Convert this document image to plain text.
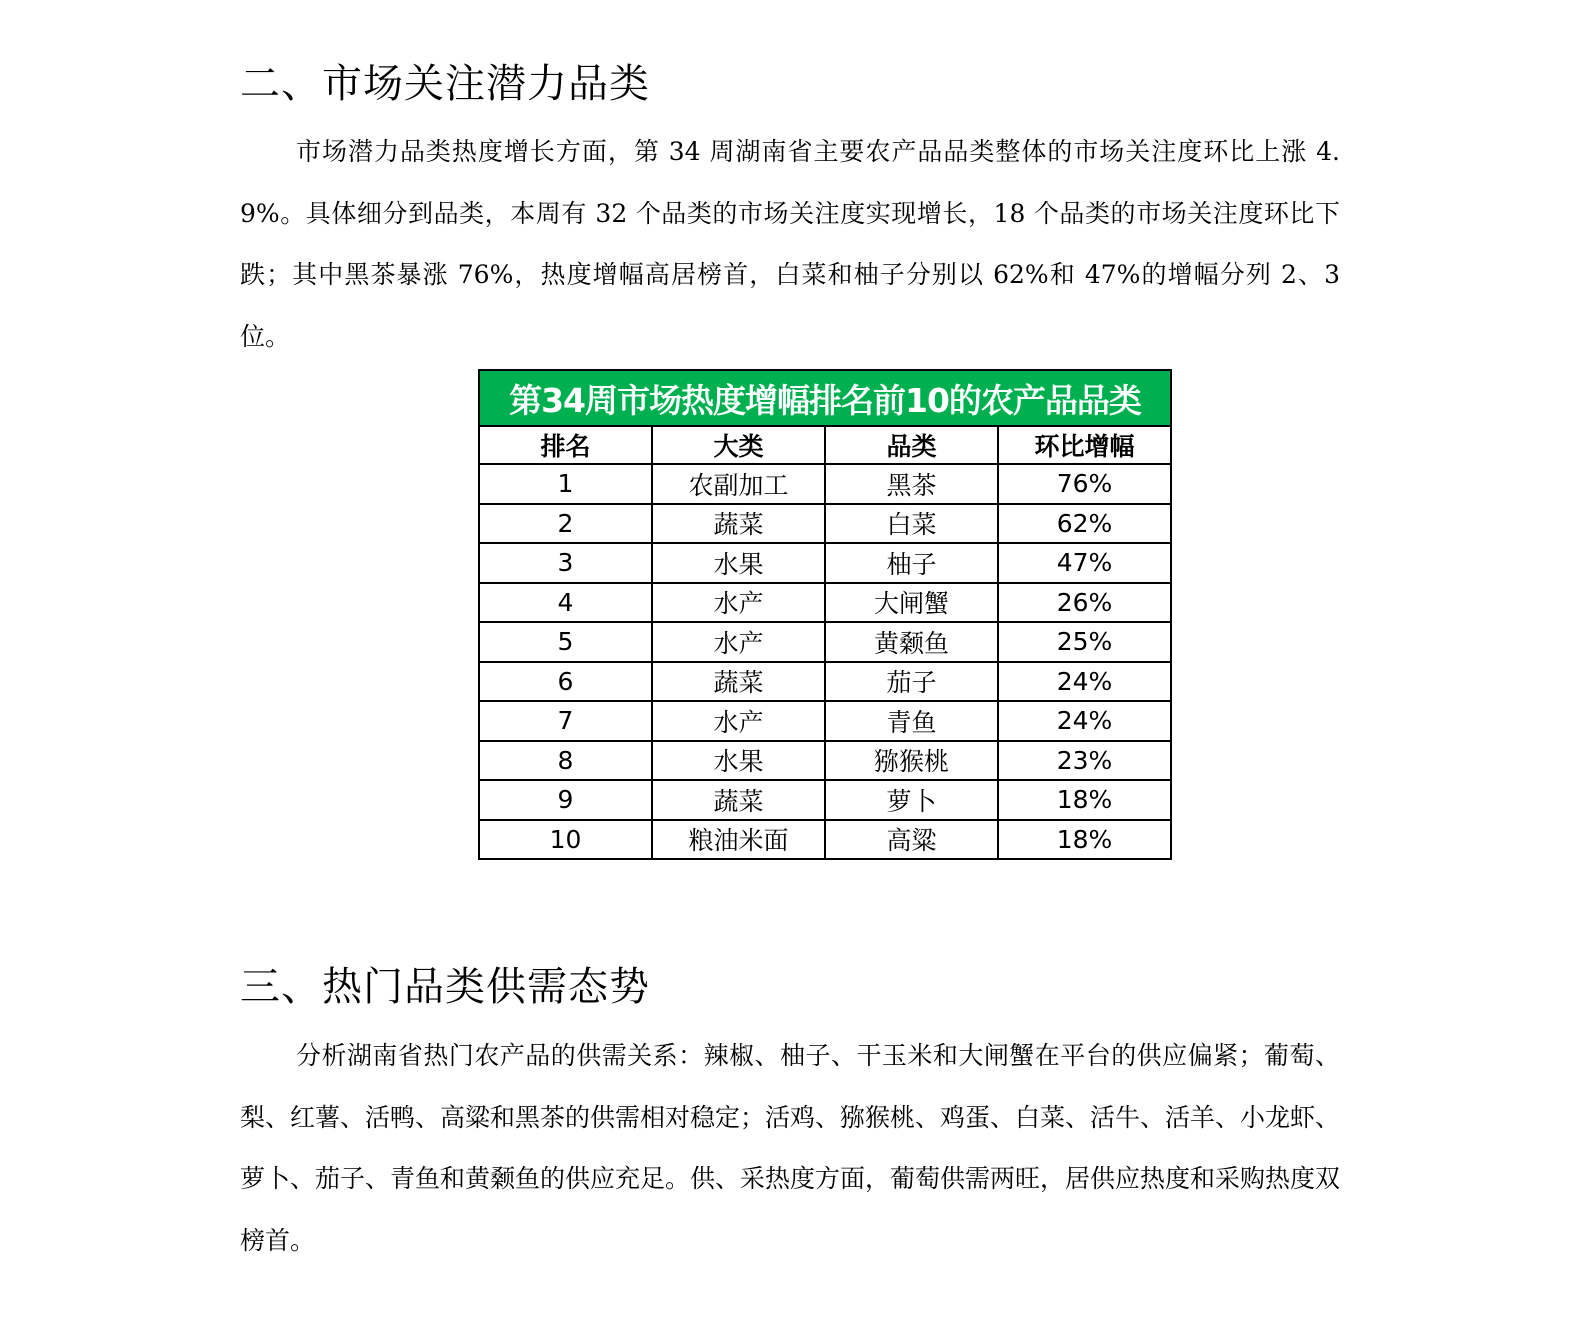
二、市场关注潜力品类

市场潜力品类热度增长方面，第 34 周湖南省主要农产品品类整体的市场关注度环比上涨 4.9%。具体细分到品类，本周有 32 个品类的市场关注度实现增长，18 个品类的市场关注度环比下跌；其中黑茶暴涨 76%，热度增幅高居榜首，白菜和柚子分别以 62%和 47%的增幅分列 2、3 位。

三、热门品类供需态势

分析湖南省热门农产品的供需关系：辣椒、柚子、干玉米和大闸蟹在平台的供应偏紧；葡萄、梨、红薯、活鸭、高粱和黑茶的供需相对稳定；活鸡、猕猴桃、鸡蛋、白菜、活牛、活羊、小龙虾、萝卜、茄子、青鱼和黄颡鱼的供应充足。供、采热度方面，葡萄供需两旺，居供应热度和采购热度双榜首。

第34周市场热度增幅排名前10的农产品品类			
排名	大类	品类	环比增幅
1	农副加工	黑茶	76%
2	蔬菜	白菜	62%
3	水果	柚子	47%
4	水产	大闸蟹	26%
5	水产	黄颡鱼	25%
6	蔬菜	茄子	24%
7	水产	青鱼	24%
8	水果	猕猴桃	23%
9	蔬菜	萝卜	18%
10	粮油米面	高粱	18%
